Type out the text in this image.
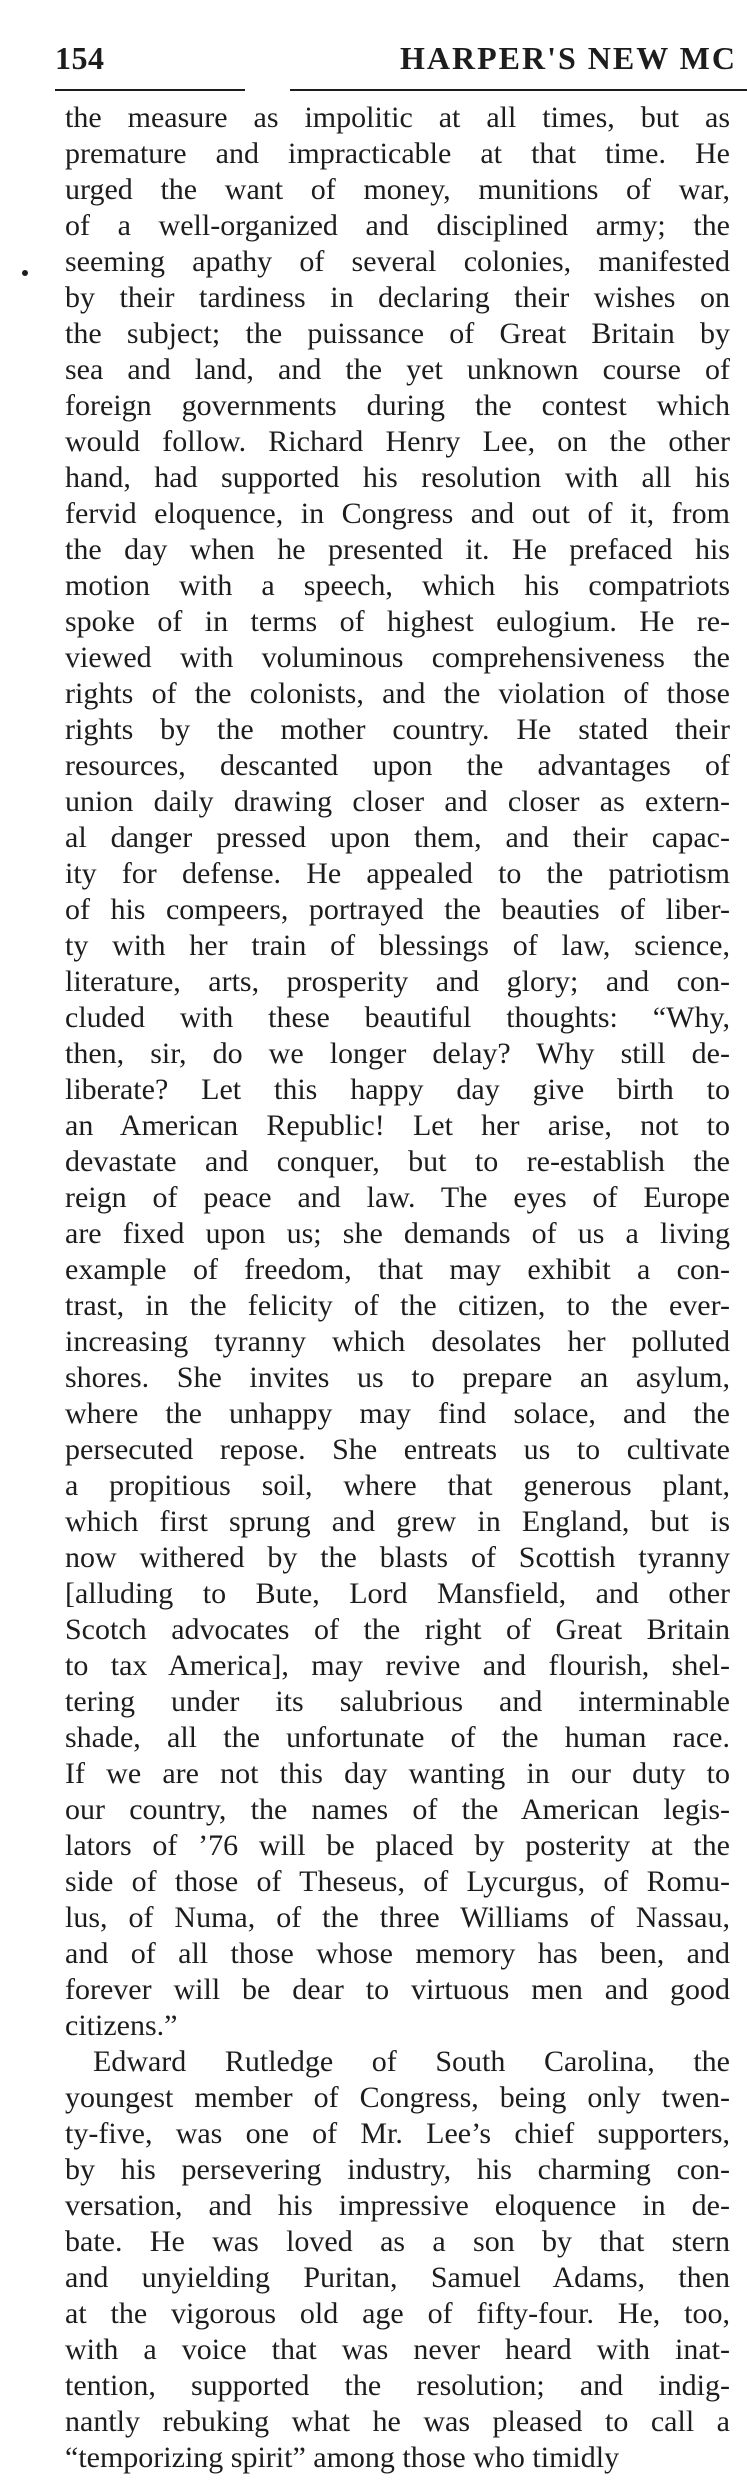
154	HARPER'S NEW MC
the measure as impolitic at all times, but as
premature and impracticable at that time. He
urged the want of money, munitions of war,
of a well-organized and disciplined army; the
seeming apathy of several colonies, manifested
by their tardiness in declaring their wishes on
the subject; the puissance of Great Britain by
sea and land, and the yet unknown course of
foreign governments during the contest which
would follow. Richard Henry Lee, on the other
hand, had supported his resolution with all his
fervid eloquence, in Congress and out of it, from
the day when he presented it. He prefaced his
motion with a speech, which his compatriots
spoke of in terms of highest eulogium. He re-
viewed with voluminous comprehensiveness the
rights of the colonists, and the violation of those
rights by the mother country. He stated their
resources, descanted upon the advantages of
union daily drawing closer and closer as extern-
al danger pressed upon them, and their capac-
ity for defense. He appealed to the patriotism
of his compeers, portrayed the beauties of liber-
ty with her train of blessings of law, science,
literature, arts, prosperity and glory; and con-
cluded with these beautiful thoughts: “Why,
then, sir, do we longer delay? Why still de-
liberate? Let this happy day give birth to
an American Republic! Let her arise, not to
devastate and conquer, but to re-establish the
reign of peace and law. The eyes of Europe
are fixed upon us; she demands of us a living
example of freedom, that may exhibit a con-
trast, in the felicity of the citizen, to the ever-
increasing tyranny which desolates her polluted
shores. She invites us to prepare an asylum,
where the unhappy may find solace, and the
persecuted repose. She entreats us to cultivate
a propitious soil, where that generous plant,
which first sprung and grew in England, but is
now withered by the blasts of Scottish tyranny
[alluding to Bute, Lord Mansfield, and other
Scotch advocates of the right of Great Britain
to tax America], may revive and flourish, shel-
tering under its salubrious and interminable
shade, all the unfortunate of the human race.
If we are not this day wanting in our duty to
our country, the names of the American legis-
lators of ’76 will be placed by posterity at the
side of those of Theseus, of Lycurgus, of Romu-
lus, of Numa, of the three Williams of Nassau,
and of all those whose memory has been, and
forever will be dear to virtuous men and good
citizens.”
Edward Rutledge of South Carolina, the
youngest member of Congress, being only twen-
ty-five, was one of Mr. Lee’s chief supporters,
by his persevering industry, his charming con-
versation, and his impressive eloquence in de-
bate. He was loved as a son by that stern
and unyielding Puritan, Samuel Adams, then
at the vigorous old age of fifty-four. He, too,
with a voice that was never heard with inat-
tention, supported the resolution; and indig-
nantly rebuking what he was pleased to call a
“temporizing spirit” among those who timidly
